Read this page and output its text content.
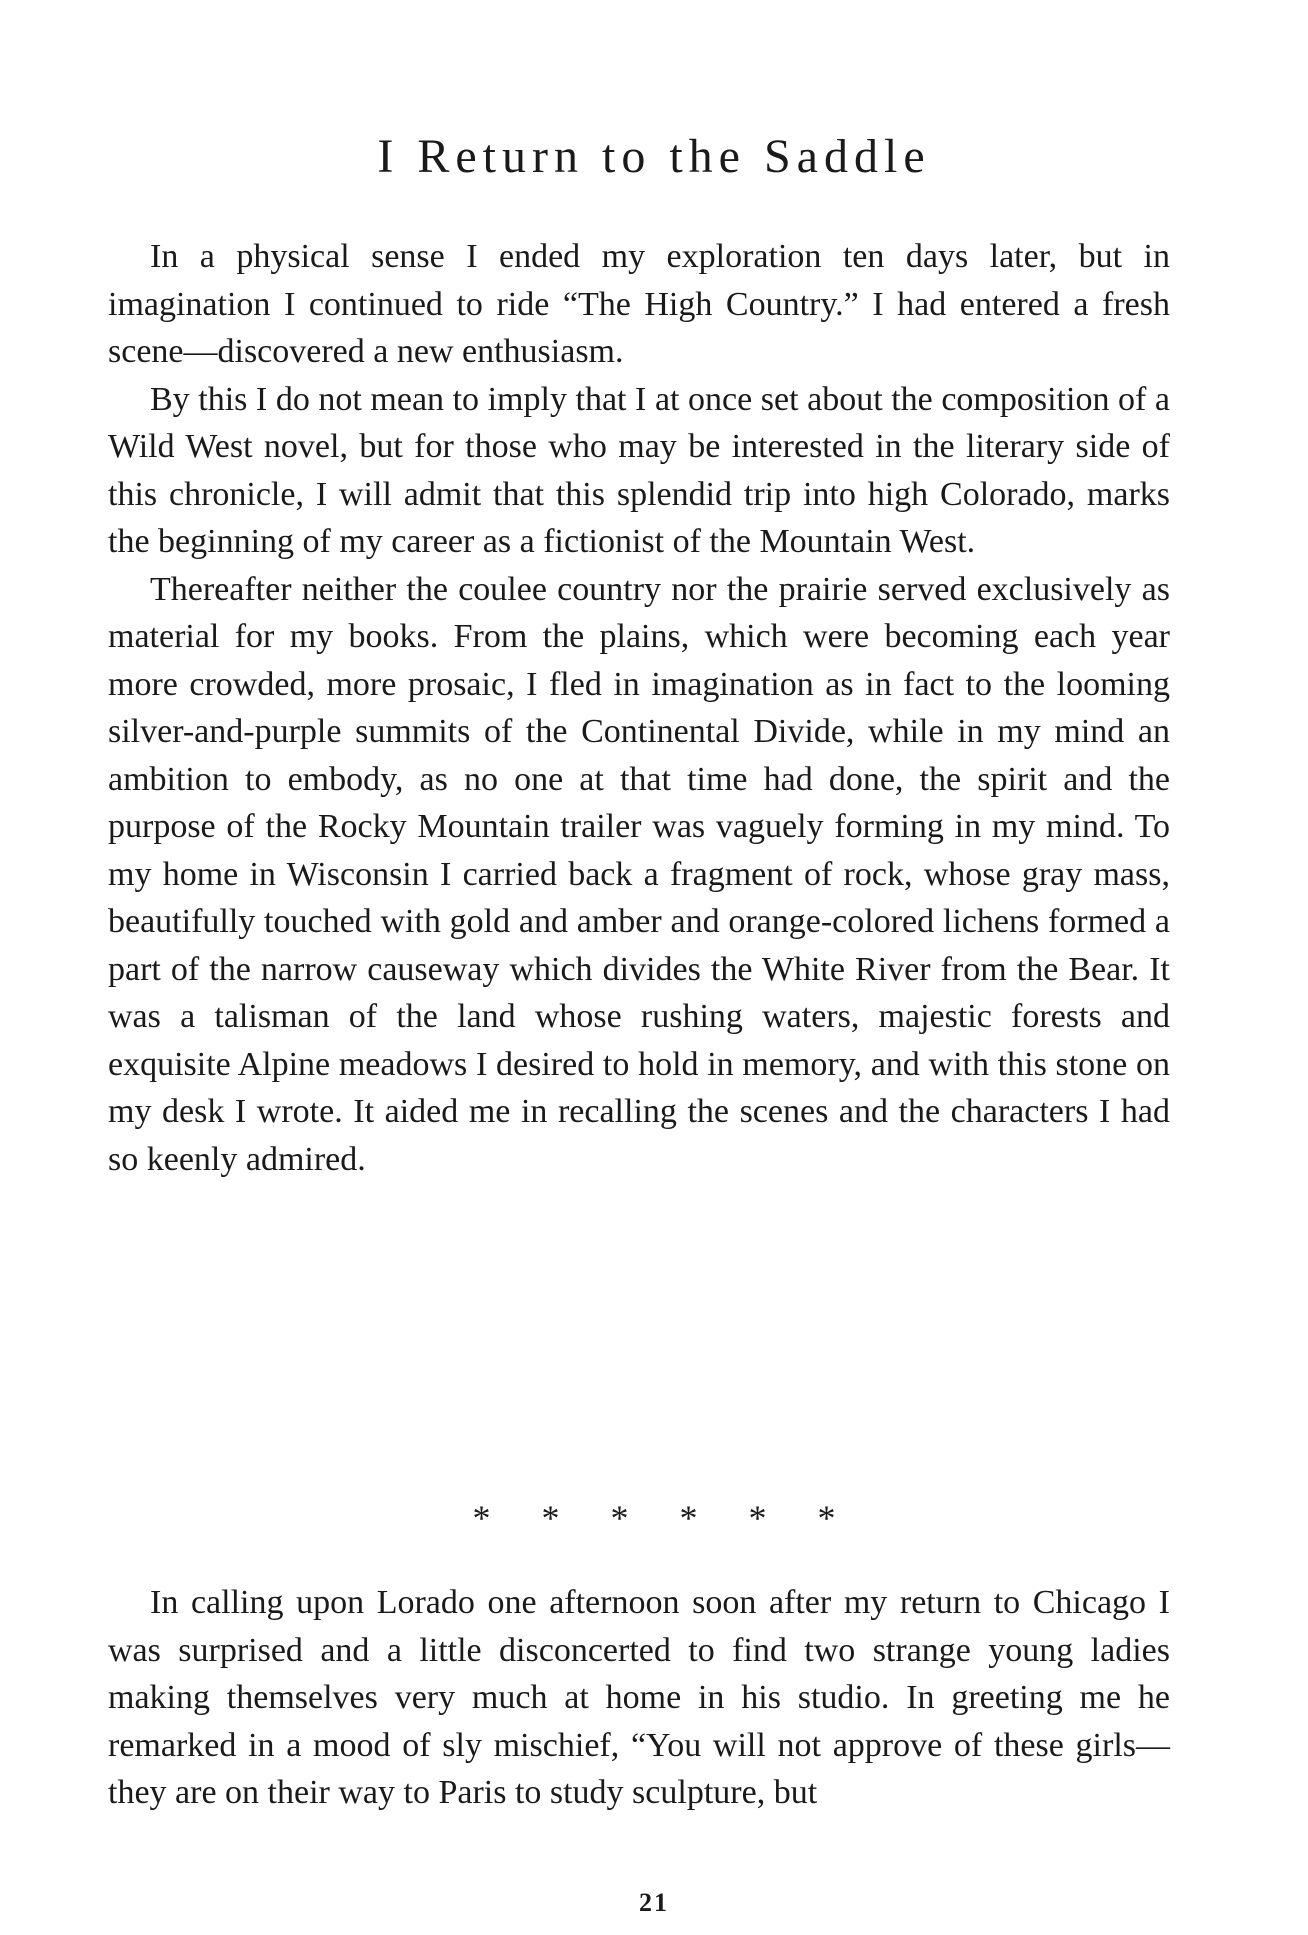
I Return to the Saddle

In a physical sense I ended my exploration ten days later, but in imagination I continued to ride “The High Country.” I had entered a fresh scene—discovered a new enthusiasm.

By this I do not mean to imply that I at once set about the composition of a Wild West novel, but for those who may be interested in the literary side of this chronicle, I will admit that this splendid trip into high Colorado, marks the beginning of my career as a fictionist of the Mountain West.

Thereafter neither the coulee country nor the prairie served exclusively as material for my books. From the plains, which were becoming each year more crowded, more prosaic, I fled in imagination as in fact to the looming silver-and-purple summits of the Continental Divide, while in my mind an ambition to embody, as no one at that time had done, the spirit and the purpose of the Rocky Mountain trailer was vaguely forming in my mind. To my home in Wisconsin I carried back a fragment of rock, whose gray mass, beautifully touched with gold and amber and orange-colored lichens formed a part of the narrow causeway which divides the White River from the Bear. It was a talisman of the land whose rushing waters, majestic forests and exquisite Alpine meadows I desired to hold in memory, and with this stone on my desk I wrote. It aided me in recalling the scenes and the characters I had so keenly admired.

* * * * * *

In calling upon Lorado one afternoon soon after my return to Chicago I was surprised and a little disconcerted to find two strange young ladies making themselves very much at home in his studio. In greeting me he remarked in a mood of sly mischief, “You will not approve of these girls—they are on their way to Paris to study sculpture, but

21
